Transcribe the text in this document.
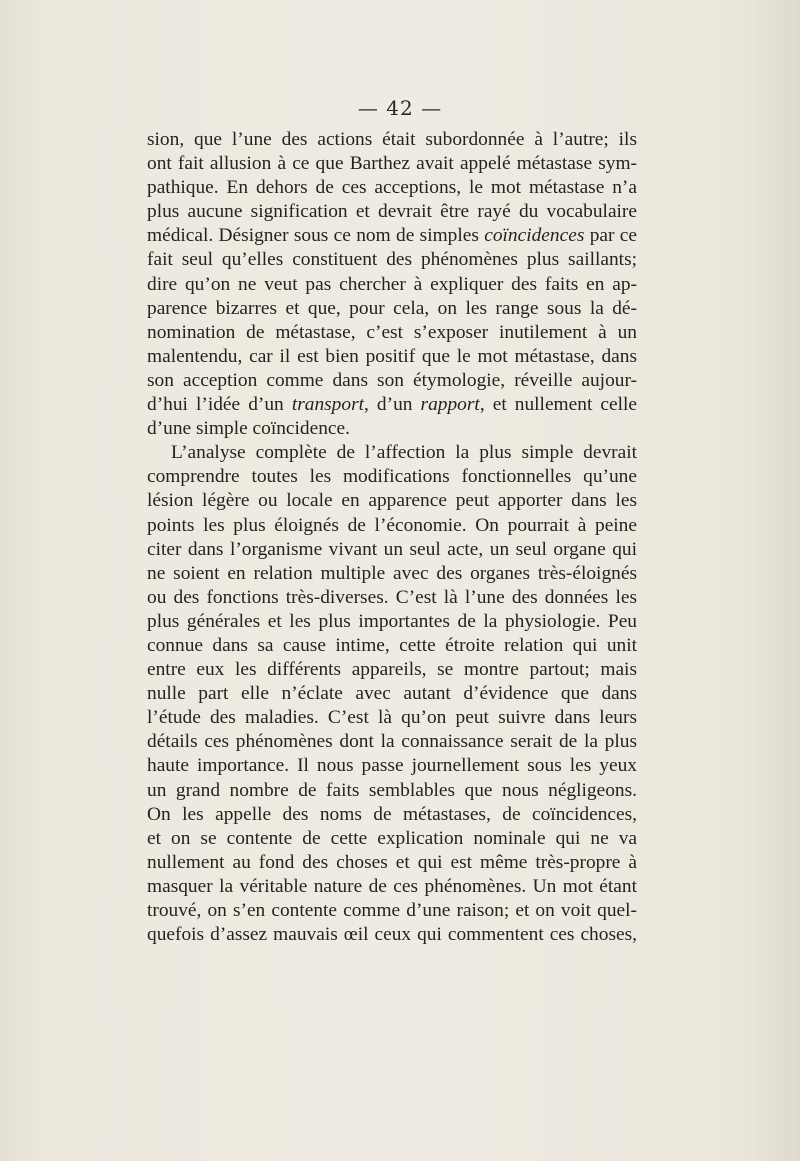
— 42 —
sion, que l’une des actions était subordonnée à l’autre; ils
ont fait allusion à ce que Barthez avait appelé métastase sym-
pathique. En dehors de ces acceptions, le mot métastase n’a
plus aucune signification et devrait être rayé du vocabulaire
médical. Désigner sous ce nom de simples coïncidences par ce
fait seul qu’elles constituent des phénomènes plus saillants;
dire qu’on ne veut pas chercher à expliquer des faits en ap-
parence bizarres et que, pour cela, on les range sous la dé-
nomination de métastase, c’est s’exposer inutilement à un
malentendu, car il est bien positif que le mot métastase, dans
son acception comme dans son étymologie, réveille aujour-
d’hui l’idée d’un transport, d’un rapport, et nullement celle
d’une simple coïncidence.
L’analyse complète de l’affection la plus simple devrait
comprendre toutes les modifications fonctionnelles qu’une
lésion légère ou locale en apparence peut apporter dans les
points les plus éloignés de l’économie. On pourrait à peine
citer dans l’organisme vivant un seul acte, un seul organe qui
ne soient en relation multiple avec des organes très-éloignés
ou des fonctions très-diverses. C’est là l’une des données les
plus générales et les plus importantes de la physiologie. Peu
connue dans sa cause intime, cette étroite relation qui unit
entre eux les différents appareils, se montre partout; mais
nulle part elle n’éclate avec autant d’évidence que dans
l’étude des maladies. C’est là qu’on peut suivre dans leurs
détails ces phénomènes dont la connaissance serait de la plus
haute importance. Il nous passe journellement sous les yeux
un grand nombre de faits semblables que nous négligeons.
On les appelle des noms de métastases, de coïncidences,
et on se contente de cette explication nominale qui ne va
nullement au fond des choses et qui est même très-propre à
masquer la véritable nature de ces phénomènes. Un mot étant
trouvé, on s’en contente comme d’une raison; et on voit quel-
quefois d’assez mauvais œil ceux qui commentent ces choses,
